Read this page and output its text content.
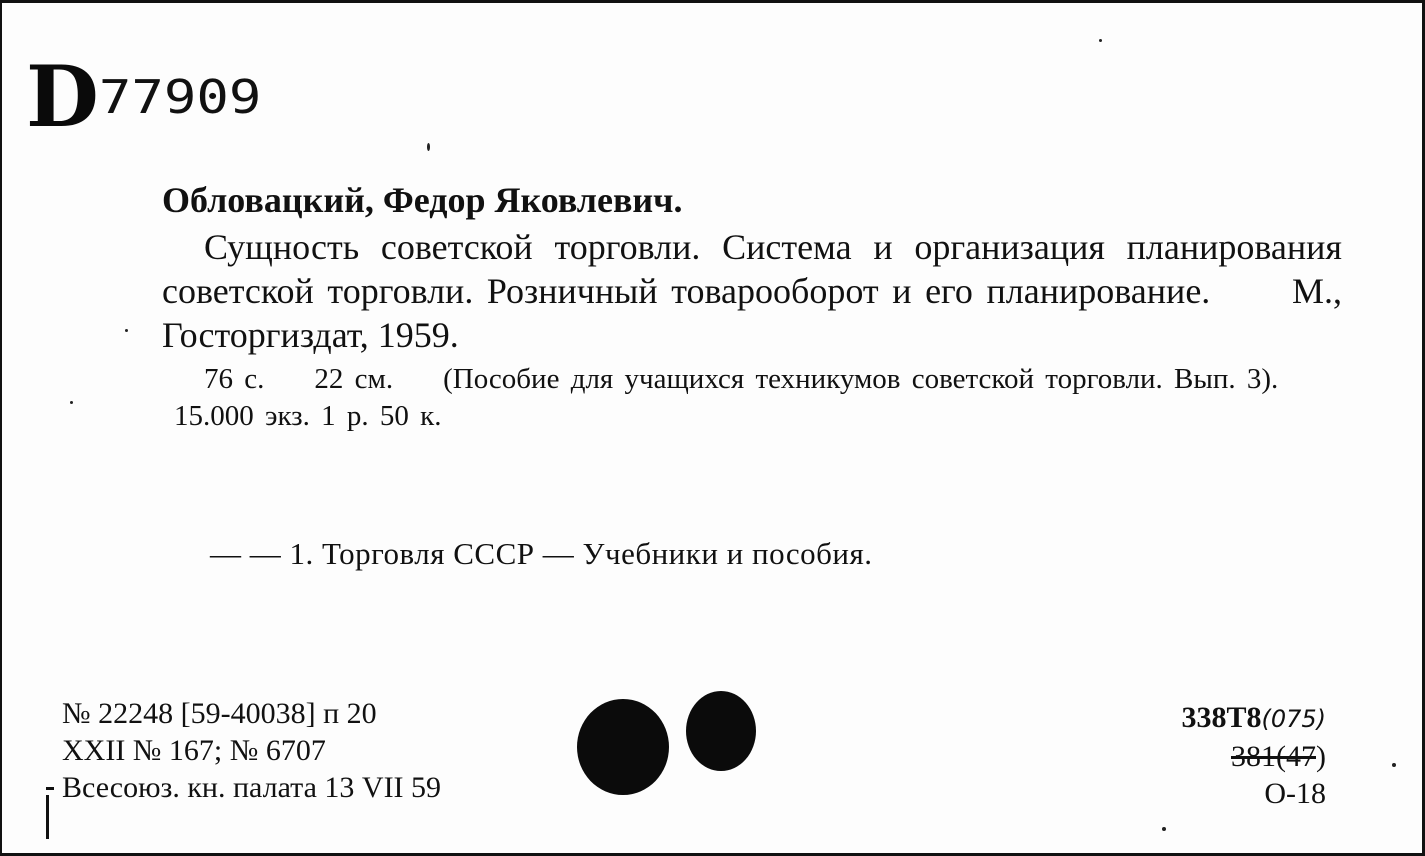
D 77909
Обловацкий, Федор Яковлевич.
Сущность советской торговли. Система и организация планирования советской торговли. Розничный товарооборот и его планирование. М., Госторгиздат, 1959.
76 с. 22 см. (Пособие для учащихся техникумов советской торговли. Вып. 3). 15.000 экз. 1 р. 50 к.
— — 1. Торговля СССР — Учебники и пособия.
№ 22248 [59-40038] п 20
XXII № 167; № 6707
Всесоюз. кн. палата 13 VII 59
338Т8(075)
381(47)
О-18
